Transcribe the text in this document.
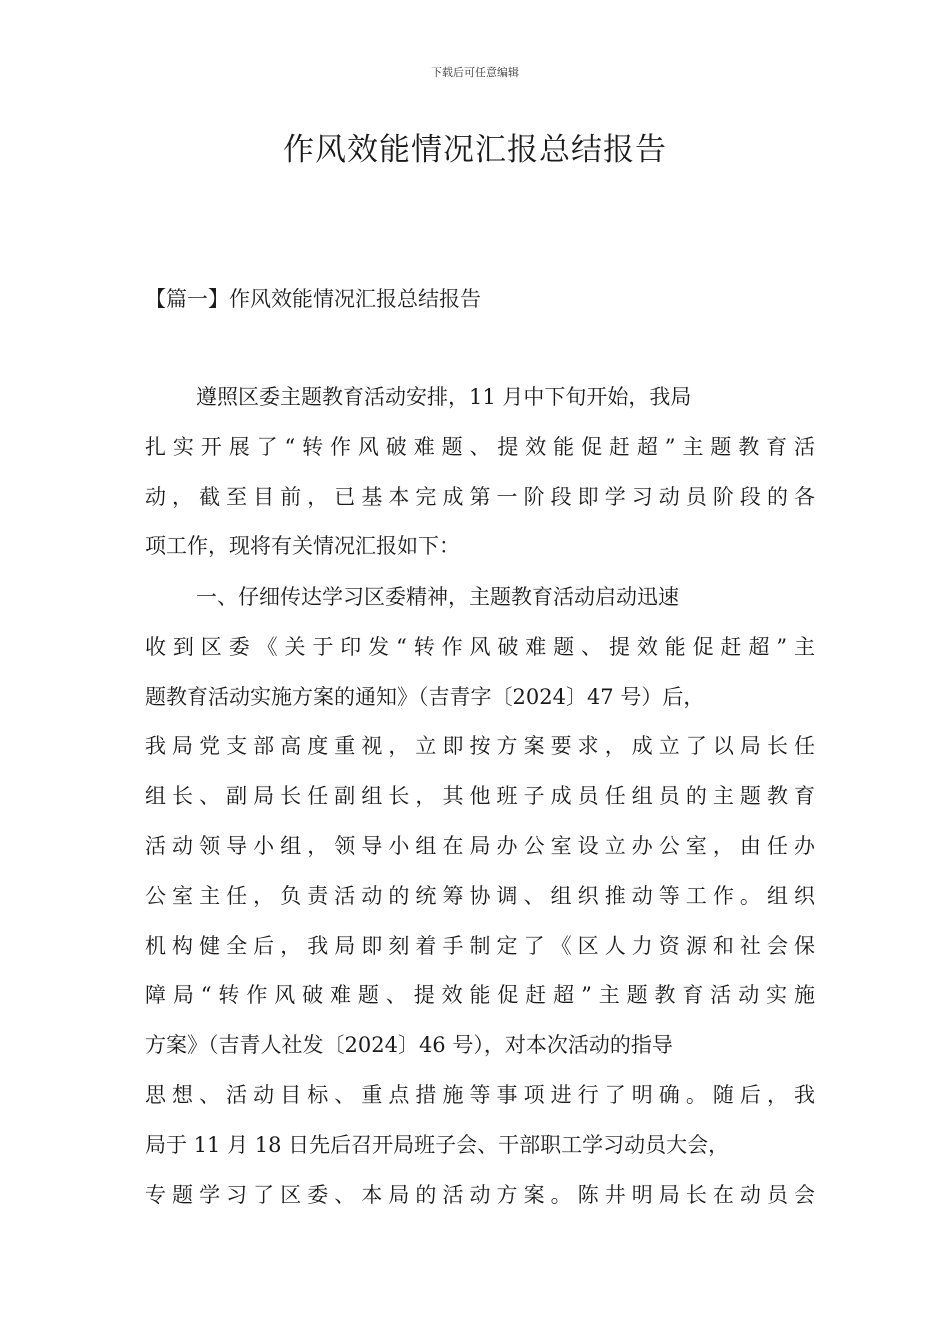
下载后可任意编辑
作风效能情况汇报总结报告
【篇一】作风效能情况汇报总结报告
遵照区委主题教育活动安排，11 月中下旬开始，我局
扎实开展了“转作风破难题、提效能促赶超”主题教育活
动，截至目前，已基本完成第一阶段即学习动员阶段的各
项工作，现将有关情况汇报如下：
一、仔细传达学习区委精神，主题教育活动启动迅速
收到区委《关于印发“转作风破难题、提效能促赶超”主
题教育活动实施方案的通知》（吉青字〔2024〕47 号）后，
我局党支部高度重视，立即按方案要求，成立了以局长任
组长、副局长任副组长，其他班子成员任组员的主题教育
活动领导小组，领导小组在局办公室设立办公室，由任办
公室主任，负责活动的统筹协调、组织推动等工作。组织
机构健全后，我局即刻着手制定了《区人力资源和社会保
障局“转作风破难题、提效能促赶超”主题教育活动实施
方案》（吉青人社发〔2024〕46 号），对本次活动的指导
思想、活动目标、重点措施等事项进行了明确。随后，我
局于 11 月 18 日先后召开局班子会、干部职工学习动员大会，
专题学习了区委、本局的活动方案。陈井明局长在动员会
